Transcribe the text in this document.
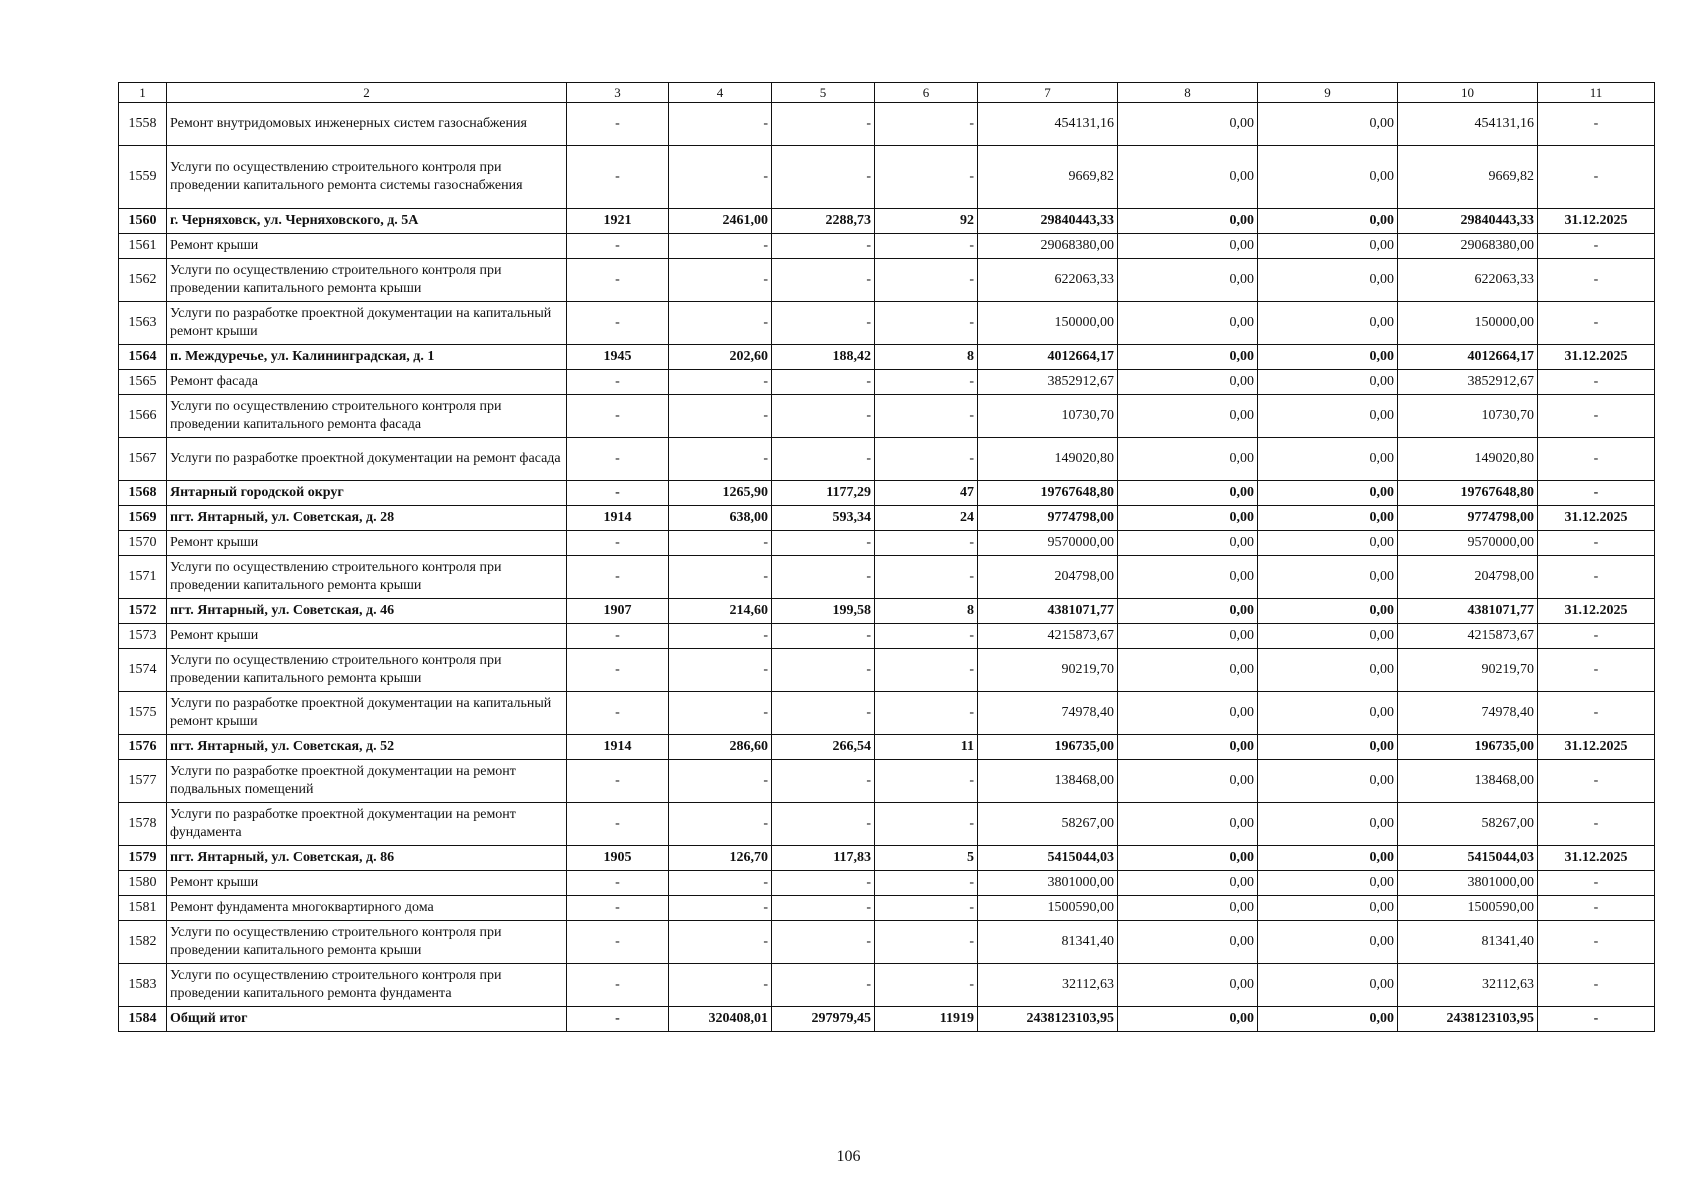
1	2	3	4	5	6	7	8	9	10	11
1558	Ремонт внутридомовых инженерных систем газоснабжения	-	-	-	-	454131,16	0,00	0,00	454131,16	-
1559	Услуги по осуществлению строительного контроля при проведении капитального ремонта системы газоснабжения	-	-	-	-	9669,82	0,00	0,00	9669,82	-
1560	г. Черняховск, ул. Черняховского, д. 5А	1921	2461,00	2288,73	92	29840443,33	0,00	0,00	29840443,33	31.12.2025
1561	Ремонт крыши	-	-	-	-	29068380,00	0,00	0,00	29068380,00	-
1562	Услуги по осуществлению строительного контроля при проведении капитального ремонта крыши	-	-	-	-	622063,33	0,00	0,00	622063,33	-
1563	Услуги по разработке проектной документации на капитальный ремонт крыши	-	-	-	-	150000,00	0,00	0,00	150000,00	-
1564	п. Междуречье, ул. Калининградская, д. 1	1945	202,60	188,42	8	4012664,17	0,00	0,00	4012664,17	31.12.2025
1565	Ремонт фасада	-	-	-	-	3852912,67	0,00	0,00	3852912,67	-
1566	Услуги по осуществлению строительного контроля при проведении капитального ремонта фасада	-	-	-	-	10730,70	0,00	0,00	10730,70	-
1567	Услуги по разработке проектной документации на ремонт фасада	-	-	-	-	149020,80	0,00	0,00	149020,80	-
1568	Янтарный городской округ	-	1265,90	1177,29	47	19767648,80	0,00	0,00	19767648,80	-
1569	пгт. Янтарный, ул. Советская, д. 28	1914	638,00	593,34	24	9774798,00	0,00	0,00	9774798,00	31.12.2025
1570	Ремонт крыши	-	-	-	-	9570000,00	0,00	0,00	9570000,00	-
1571	Услуги по осуществлению строительного контроля при проведении капитального ремонта крыши	-	-	-	-	204798,00	0,00	0,00	204798,00	-
1572	пгт. Янтарный, ул. Советская, д. 46	1907	214,60	199,58	8	4381071,77	0,00	0,00	4381071,77	31.12.2025
1573	Ремонт крыши	-	-	-	-	4215873,67	0,00	0,00	4215873,67	-
1574	Услуги по осуществлению строительного контроля при проведении капитального ремонта крыши	-	-	-	-	90219,70	0,00	0,00	90219,70	-
1575	Услуги по разработке проектной документации на капитальный ремонт крыши	-	-	-	-	74978,40	0,00	0,00	74978,40	-
1576	пгт. Янтарный, ул. Советская, д. 52	1914	286,60	266,54	11	196735,00	0,00	0,00	196735,00	31.12.2025
1577	Услуги по разработке проектной документации на ремонт подвальных помещений	-	-	-	-	138468,00	0,00	0,00	138468,00	-
1578	Услуги по разработке проектной документации на ремонт фундамента	-	-	-	-	58267,00	0,00	0,00	58267,00	-
1579	пгт. Янтарный, ул. Советская, д. 86	1905	126,70	117,83	5	5415044,03	0,00	0,00	5415044,03	31.12.2025
1580	Ремонт крыши	-	-	-	-	3801000,00	0,00	0,00	3801000,00	-
1581	Ремонт фундамента многоквартирного дома	-	-	-	-	1500590,00	0,00	0,00	1500590,00	-
1582	Услуги по осуществлению строительного контроля при проведении капитального ремонта крыши	-	-	-	-	81341,40	0,00	0,00	81341,40	-
1583	Услуги по осуществлению строительного контроля при проведении капитального ремонта фундамента	-	-	-	-	32112,63	0,00	0,00	32112,63	-
1584	Общий итог	-	320408,01	297979,45	11919	2438123103,95	0,00	0,00	2438123103,95	-
106
